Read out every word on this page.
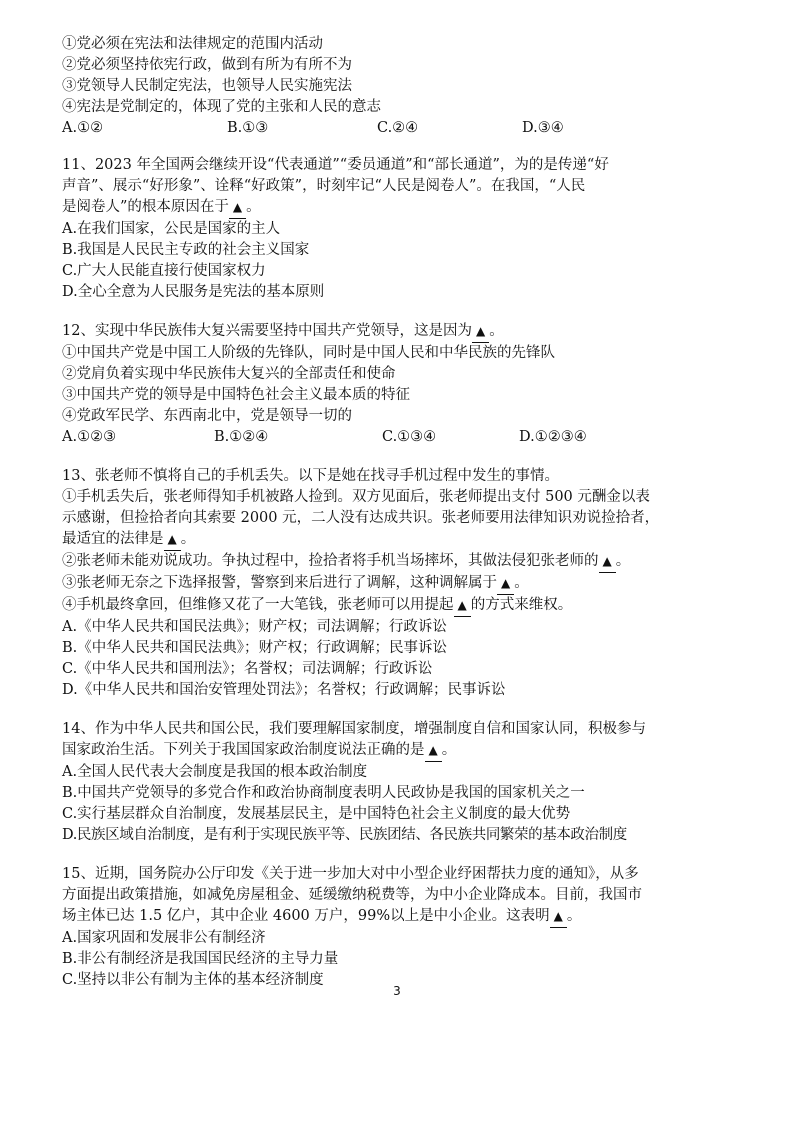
①党必须在宪法和法律规定的范围内活动
②党必须坚持依宪行政，做到有所为有所不为
③党领导人民制定宪法，也领导人民实施宪法
④宪法是党制定的，体现了党的主张和人民的意志
A.①②	B.①③	C.②④	D.③④
11、2023 年全国两会继续开设“代表通道”“委员通道”和“部长通道”，为的是传递“好
声音”、展示“好形象”、诠释“好政策”，时刻牢记“人民是阅卷人”。在我国，“人民
是阅卷人”的根本原因在于 ▲ 。
A.在我们国家，公民是国家的主人
B.我国是人民民主专政的社会主义国家
C.广大人民能直接行使国家权力
D.全心全意为人民服务是宪法的基本原则
12、实现中华民族伟大复兴需要坚持中国共产党领导，这是因为 ▲ 。
①中国共产党是中国工人阶级的先锋队，同时是中国人民和中华民族的先锋队
②党肩负着实现中华民族伟大复兴的全部责任和使命
③中国共产党的领导是中国特色社会主义最本质的特征
④党政军民学、东西南北中，党是领导一切的
A.①②③	B.①②④	C.①③④	D.①②③④
13、张老师不慎将自己的手机丢失。以下是她在找寻手机过程中发生的事情。
①手机丢失后，张老师得知手机被路人捡到。双方见面后，张老师提出支付 500 元酬金以表
示感谢，但捡拾者向其索要 2000 元，二人没有达成共识。张老师要用法律知识劝说捡拾者，
最适宜的法律是 ▲ 。
②张老师未能劝说成功。争执过程中，捡拾者将手机当场摔坏，其做法侵犯张老师的 ▲ 。
③张老师无奈之下选择报警，警察到来后进行了调解，这种调解属于 ▲ 。
④手机最终拿回，但维修又花了一大笔钱，张老师可以用提起 ▲ 的方式来维权。
A.《中华人民共和国民法典》；财产权；司法调解；行政诉讼
B.《中华人民共和国民法典》；财产权；行政调解；民事诉讼
C.《中华人民共和国刑法》；名誉权；司法调解；行政诉讼
D.《中华人民共和国治安管理处罚法》；名誉权；行政调解；民事诉讼
14、作为中华人民共和国公民，我们要理解国家制度，增强制度自信和国家认同，积极参与
国家政治生活。下列关于我国国家政治制度说法正确的是 ▲ 。
A.全国人民代表大会制度是我国的根本政治制度
B.中国共产党领导的多党合作和政治协商制度表明人民政协是我国的国家机关之一
C.实行基层群众自治制度，发展基层民主，是中国特色社会主义制度的最大优势
D.民族区域自治制度，是有利于实现民族平等、民族团结、各民族共同繁荣的基本政治制度
15、近期，国务院办公厅印发《关于进一步加大对中小型企业纾困帮扶力度的通知》，从多
方面提出政策措施，如减免房屋租金、延缓缴纳税费等，为中小企业降成本。目前，我国市
场主体已达 1.5 亿户，其中企业 4600 万户，99%以上是中小企业。这表明 ▲ 。
A.国家巩固和发展非公有制经济
B.非公有制经济是我国国民经济的主导力量
C.坚持以非公有制为主体的基本经济制度
3
